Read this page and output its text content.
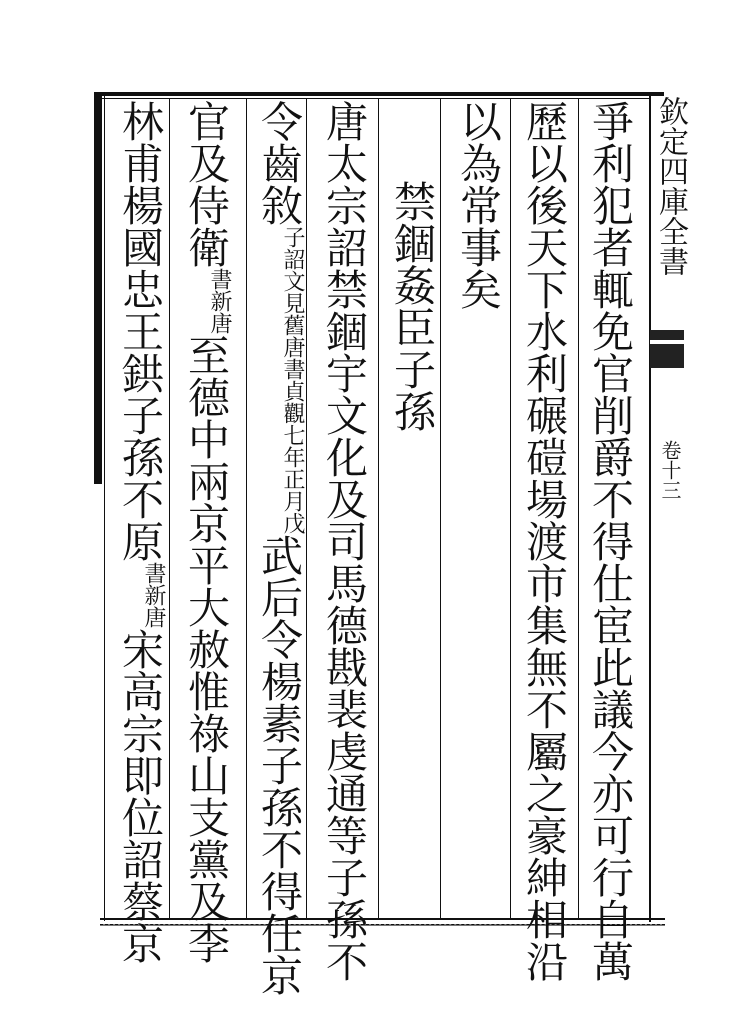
欽定四庫全書
卷十三
爭利犯者輒免官削爵不得仕宦此議今亦可行自萬
歷以後天下水利碾磑場渡市集無不屬之豪紳相沿
以為常事矣
禁錮姦臣子孫
唐太宗詔禁錮宇文化及司馬德戡裴虔通等子孫不
令齒敘
貞觀七年正月戊
子詔文見舊唐書
武后令楊素子孫不得任京
官及侍衛
新唐
書
至德中兩京平大赦惟祿山支黨及李
林甫楊國忠王鉷子孫不原
新唐
書
宋高宗即位詔蔡京
